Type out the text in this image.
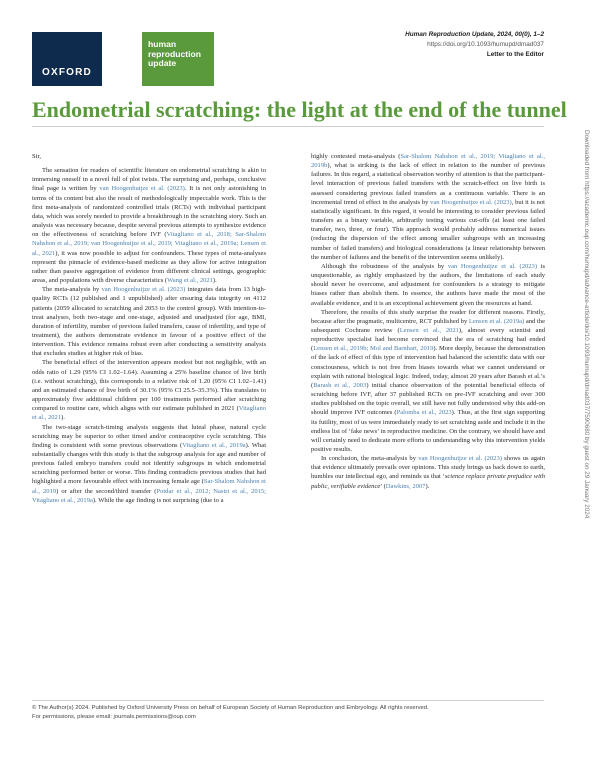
OXFORD
human
reproduction
update
Human Reproduction Update, 2024, 00(0), 1–2
https://doi.org/10.1093/humupd/dmad037
Letter to the Editor
Endometrial scratching: the light at the end of the tunnel
Downloaded from https://academic.oup.com/humupd/advance-article/doi/10.1093/humupd/dmad037/7590680 by guest on 29 January 2024

Sir,

The sensation for readers of scientific literature on endometrial scratching is akin to immersing oneself in a novel full of plot twists. The surprising and, perhaps, conclusive final page is written by van Hoogenhuijze et al. (2023). It is not only astonishing in terms of its content but also the result of methodologically impeccable work. This is the first meta-analysis of randomized controlled trials (RCTs) with individual participant data, which was sorely needed to provide a breakthrough in the scratching story. Such an analysis was necessary because, despite several previous attempts to synthesize evidence on the effectiveness of scratching before IVF (Vitagliano et al., 2018; Sar-Shalom Nahshon et al., 2019; van Hoogenhuijze et al., 2019; Vitagliano et al., 2019a; Lensen et al., 2021), it was now possible to adjust for confounders. These types of meta-analyses represent the pinnacle of evidence-based medicine as they allow for active integration rather than passive aggregation of evidence from different clinical settings, geographic areas, and populations with diverse characteristics (Wang et al., 2021).

The meta-analysis by van Hoogenhuijze et al. (2023) integrates data from 13 high-quality RCTs (12 published and 1 unpublished) after ensuring data integrity on 4112 patients (2059 allocated to scratching and 2053 to the control group). With intention-to-treat analyses, both two-stage and one-stage, adjusted and unadjusted (for age, BMI, duration of infertility, number of previous failed transfers, cause of infertility, and type of treatment), the authors demonstrate evidence in favour of a positive effect of the intervention. This evidence remains robust even after conducting a sensitivity analysis that excludes studies at higher risk of bias.

The beneficial effect of the intervention appears modest but not negligible, with an odds ratio of 1.29 (95% CI 1.02–1.64). Assuming a 25% baseline chance of live birth (i.e. without scratching), this corresponds to a relative risk of 1.20 (95% CI 1.02–1.41) and an estimated chance of live birth of 30.1% (95% CI 25.5–35.3%). This translates to approximately five additional children per 100 treatments performed after scratching compared to routine care, which aligns with our estimate published in 2021 (Vitagliano et al., 2021).

The two-stage scratch-timing analysis suggests that luteal phase, natural cycle scratching may be superior to other timed and/or contraceptive cycle scratching. This finding is consistent with some previous observations (Vitagliano et al., 2019a). What substantially changes with this study is that the subgroup analysis for age and number of previous failed embryo transfers could not identify subgroups in which endometrial scratching performed better or worse. This finding contradicts previous studies that had highlighted a more favourable effect with increasing female age (Sar-Shalom Nahshon et al., 2019) or after the second/third transfer (Potdar et al., 2012; Nastri et al., 2015; Vitagliano et al., 2019a). While the age finding is not surprising (due to a

highly contested meta-analysis (Sar-Shalom Nahshon et al., 2019; Vitagliano et al., 2019b), what is striking is the lack of effect in relation to the number of previous failures. In this regard, a statistical observation worthy of attention is that the participant-level interaction of previous failed transfers with the scratch-effect on live birth is assessed considering previous failed transfers as a continuous variable. There is an incremental trend of effect in the analysis by van Hoogenhuijze et al. (2023), but it is not statistically significant. In this regard, it would be interesting to consider previous failed transfers as a binary variable, arbitrarily testing various cut-offs (at least one failed transfer, two, three, or four). This approach would probably address numerical issues (reducing the dispersion of the effect among smaller subgroups with an increasing number of failed transfers) and biological considerations (a linear relationship between the number of failures and the benefit of the intervention seems unlikely).

Although the robustness of the analysis by van Hoogenhuijze et al. (2023) is unquestionable, as rightly emphasized by the authors, the limitations of each study should never be overcome, and adjustment for confounders is a strategy to mitigate biases rather than abolish them. In essence, the authors have made the most of the available evidence, and it is an exceptional achievement given the resources at hand.

Therefore, the results of this study surprise the reader for different reasons. Firstly, because after the pragmatic, multicentre, RCT published by Lensen et al. (2019a) and the subsequent Cochrane review (Lensen et al., 2021), almost every scientist and reproductive specialist had become convinced that the era of scratching had ended (Lensen et al., 2019b; Mol and Barnhart, 2019). More deeply, because the demonstration of the lack of effect of this type of intervention had balanced the scientific data with our consciousness, which is not free from biases towards what we cannot understand or explain with rational biological logic. Indeed, today, almost 20 years after Barash et al.’s (Barash et al., 2003) initial chance observation of the potential beneficial effects of scratching before IVF, after 37 published RCTs on pre-IVF scratching and over 300 studies published on the topic overall, we still have not fully understood why this add-on should improve IVF outcomes (Palomba et al., 2023). Thus, at the first sign supporting its futility, most of us were immediately ready to set scratching aside and include it in the endless list of ‘fake news’ in reproductive medicine. On the contrary, we should have and will certainly need to dedicate more efforts to understanding why this intervention yields positive results.

In conclusion, the meta-analysis by van Hoogenhuijze et al. (2023) shows us again that evidence ultimately prevails over opinions. This study brings us back down to earth, humbles our intellectual ego, and reminds us that ‘science replace private prejudice with public, verifiable evidence’ (Dawkins, 2007).

© The Author(s) 2024. Published by Oxford University Press on behalf of European Society of Human Reproduction and Embryology. All rights reserved.
For permissions, please email: journals.permissions@oup.com
